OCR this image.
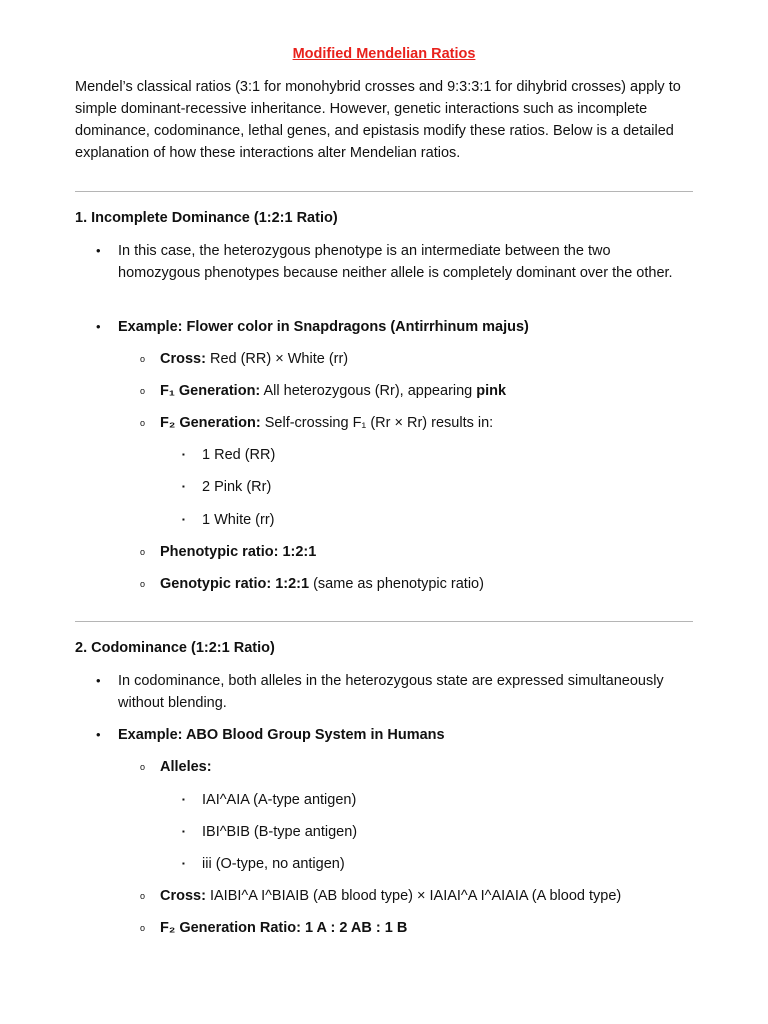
Modified Mendelian Ratios
Mendel’s classical ratios (3:1 for monohybrid crosses and 9:3:3:1 for dihybrid crosses) apply to simple dominant-recessive inheritance. However, genetic interactions such as incomplete dominance, codominance, lethal genes, and epistasis modify these ratios. Below is a detailed explanation of how these interactions alter Mendelian ratios.
1. Incomplete Dominance (1:2:1 Ratio)
• In this case, the heterozygous phenotype is an intermediate between the two homozygous phenotypes because neither allele is completely dominant over the other.
• Example: Flower color in Snapdragons (Antirrhinum majus)
o Cross: Red (RR) × White (rr)
o F₁ Generation: All heterozygous (Rr), appearing pink
o F₂ Generation: Self-crossing F₁ (Rr × Rr) results in:
▪ 1 Red (RR)
▪ 2 Pink (Rr)
▪ 1 White (rr)
o Phenotypic ratio: 1:2:1
o Genotypic ratio: 1:2:1 (same as phenotypic ratio)
2. Codominance (1:2:1 Ratio)
• In codominance, both alleles in the heterozygous state are expressed simultaneously without blending.
• Example: ABO Blood Group System in Humans
o Alleles:
▪ IAI^AIA (A-type antigen)
▪ IBI^BIB (B-type antigen)
▪ iii (O-type, no antigen)
o Cross: IAIBI^A I^BIAIB (AB blood type) × IAIAI^A I^AIAIA (A blood type)
o F₂ Generation Ratio: 1 A : 2 AB : 1 B
